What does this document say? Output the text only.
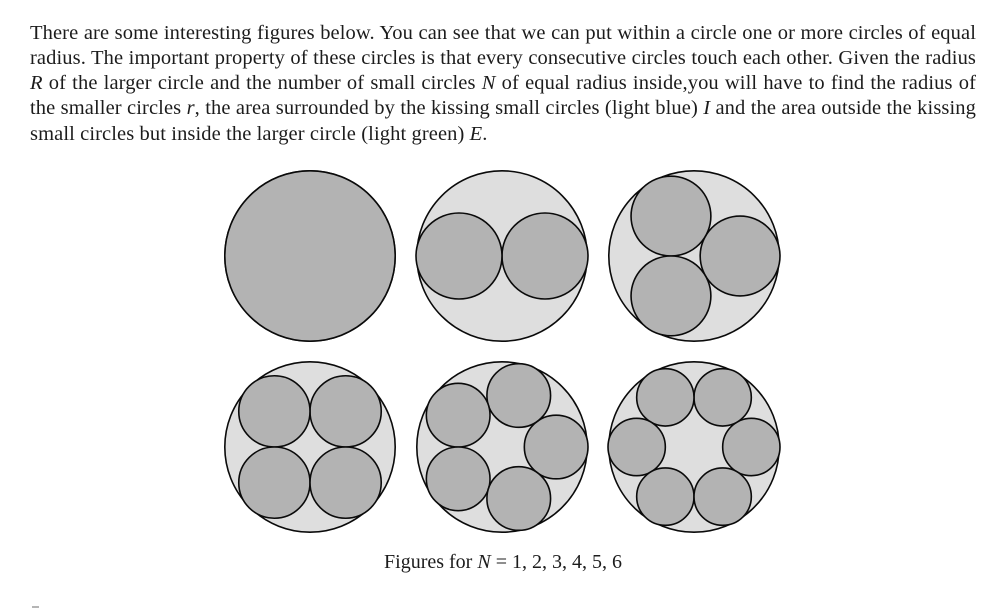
There are some interesting figures below. You can see that we can put within a circle one or more circles of equal radius. The important property of these circles is that every consecutive circles touch each other. Given the radius R of the larger circle and the number of small circles N of equal radius inside,you will have to find the radius of the smaller circles r, the area surrounded by the kissing small circles (light blue) I and the area outside the kissing small circles but inside the larger circle (light green) E.

Figures for N = 1, 2, 3, 4, 5, 6
